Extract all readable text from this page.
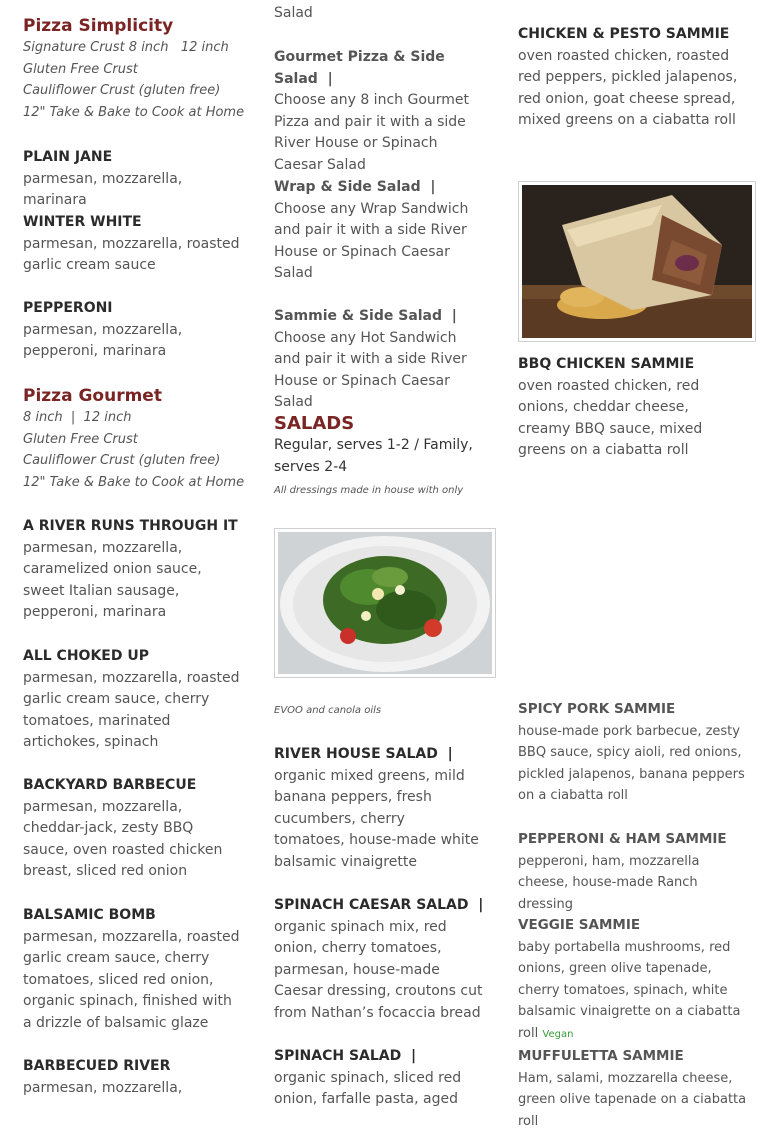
Pizza Simplicity

Signature Crust 8 inch   12 inch

Gluten Free Crust

Cauliflower Crust (gluten free)

12" Take & Bake to Cook at Home

PLAIN JANE

parmesan, mozzarella, marinara

WINTER WHITE

parmesan, mozzarella, roasted garlic cream sauce

PEPPERONI

parmesan, mozzarella, pepperoni, marinara

Pizza Gourmet

8 inch  |  12 inch

Gluten Free Crust

Cauliflower Crust (gluten free)

12" Take & Bake to Cook at Home

A RIVER RUNS THROUGH IT

parmesan, mozzarella, caramelized onion sauce, sweet Italian sausage, pepperoni, marinara

ALL CHOKED UP

parmesan, mozzarella, roasted garlic cream sauce, cherry tomatoes, marinated artichokes, spinach

BACKYARD BARBECUE

parmesan, mozzarella, cheddar-jack, zesty BBQ sauce, oven roasted chicken breast, sliced red onion

BALSAMIC BOMB

parmesan, mozzarella, roasted garlic cream sauce, cherry tomatoes, sliced red onion, organic spinach, finished with a drizzle of balsamic glaze

BARBECUED RIVER

parmesan, mozzarella,

Salad

Gourmet Pizza & Side Salad |

Choose any 8 inch Gourmet Pizza and pair it with a side River House or Spinach Caesar Salad

Wrap & Side Salad |

Choose any Wrap Sandwich and pair it with a side River House or Spinach Caesar Salad

Sammie & Side Salad |

Choose any Hot Sandwich and pair it with a side River House or Spinach Caesar Salad

SALADS

Regular, serves 1-2 / Family, serves 2-4

All dressings made in house with only

EVOO and canola oils

RIVER HOUSE SALAD |

organic mixed greens, mild banana peppers, fresh cucumbers, cherry tomatoes, house-made white balsamic vinaigrette

SPINACH CAESAR SALAD |

organic spinach mix, red onion, cherry tomatoes, parmesan, house-made Caesar dressing, croutons cut from Nathan’s focaccia bread

SPINACH SALAD |

organic spinach, sliced red onion, farfalle pasta, aged

CHICKEN & PESTO SAMMIE

oven roasted chicken, roasted red peppers, pickled jalapenos, red onion, goat cheese spread, mixed greens on a ciabatta roll

BBQ CHICKEN SAMMIE

oven roasted chicken, red onions, cheddar cheese, creamy BBQ sauce, mixed greens on a ciabatta roll

SPICY PORK SAMMIE

house-made pork barbecue, zesty BBQ sauce, spicy aioli, red onions, pickled jalapenos, banana peppers on a ciabatta roll

PEPPERONI & HAM SAMMIE

pepperoni, ham, mozzarella cheese, house-made Ranch dressing

VEGGIE SAMMIE

baby portabella mushrooms, red onions, green olive tapenade, cherry tomatoes, spinach, white balsamic vinaigrette on a ciabatta roll Vegan

MUFFULETTA SAMMIE

Ham, salami, mozzarella cheese, green olive tapenade on a ciabatta roll
